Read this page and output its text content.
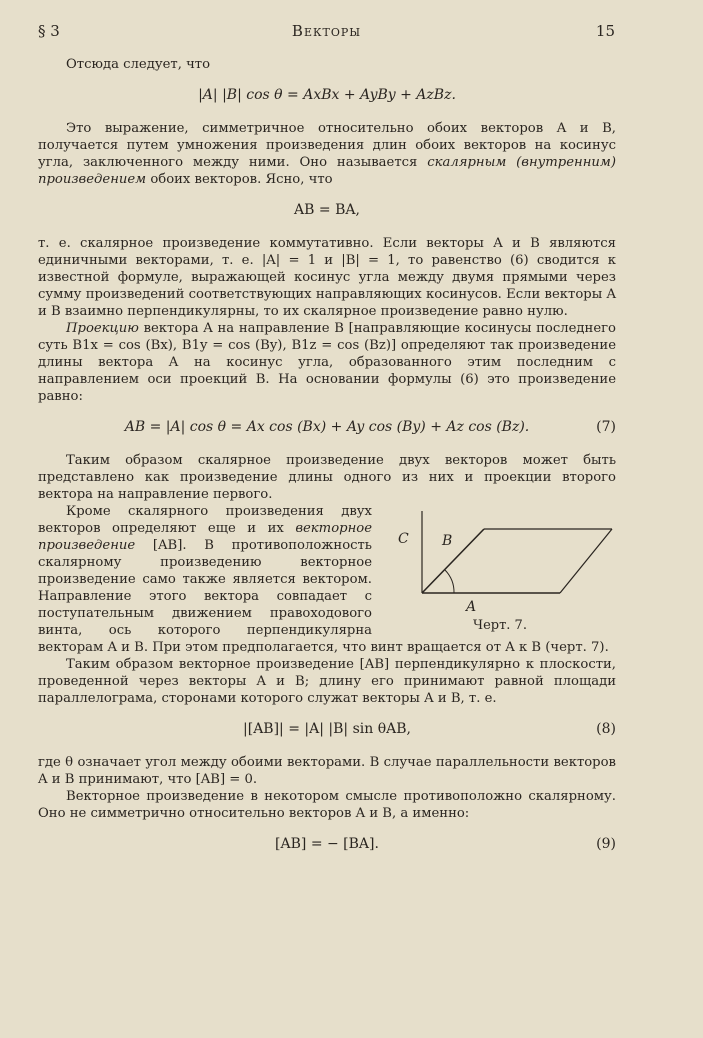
§ 3	Векторы	15

Отсюда следует, что

|A| |B| cos θ = AxBx + AyBy + AzBz.

Это выражение, симметричное относительно обоих векторов A и B, получается путем умножения произведения длин обоих векторов на косинус угла, заключенного между ними. Оно называется скалярным (внутренним) произведением обоих векторов. Ясно, что

AB = BA,

т. е. скалярное произведение коммутативно. Если векторы A и B являются единичными векторами, т. е. |A| = 1 и |B| = 1, то равенство (6) сводится к известной формуле, выражающей косинус угла между двумя прямыми через сумму произведений соответствующих направляющих косинусов. Если векторы A и B взаимно перпендикулярны, то их скалярное произведение равно нулю.

Проекцию вектора A на направление B [направляющие косинусы последнего суть B1x = cos (Bx), B1y = cos (By), B1z = cos (Bz)] определяют так произведение длины вектора A на косинус угла, образованного этим последним с направлением оси проекций B. На основании формулы (6) это произведение равно:

AB = |A| cos θ = Ax cos (Bx) + Ay cos (By) + Az cos (Bz).	(7)

Таким образом скалярное произведение двух векторов может быть представлено как произведение длины одного из них и проекции второго вектора на направление первого.

C B
A
Черт. 7.

Кроме скалярного произведения двух векторов определяют еще и их векторное произведение [AB]. В противоположность скалярному произведению векторное произведение само также является вектором. Направление этого вектора совпадает с поступательным движением правоходового винта, ось которого перпендикулярна векторам A и B. При этом предполагается, что винт вращается от A к B (черт. 7).

Таким образом векторное произведение [AB] перпендикулярно к плоскости, проведенной через векторы A и B; длину его принимают равной площади параллелограма, сторонами которого служат векторы A и B, т. е.

|[AB]| = |A| |B| sin θAB,	(8)

где θ означает угол между обоими векторами. В случае параллельности векторов A и B принимают, что [AB] = 0.

Векторное произведение в некотором смысле противоположно скалярному. Оно не симметрично относительно векторов A и B, а именно:

[AB] = − [BA].	(9)
